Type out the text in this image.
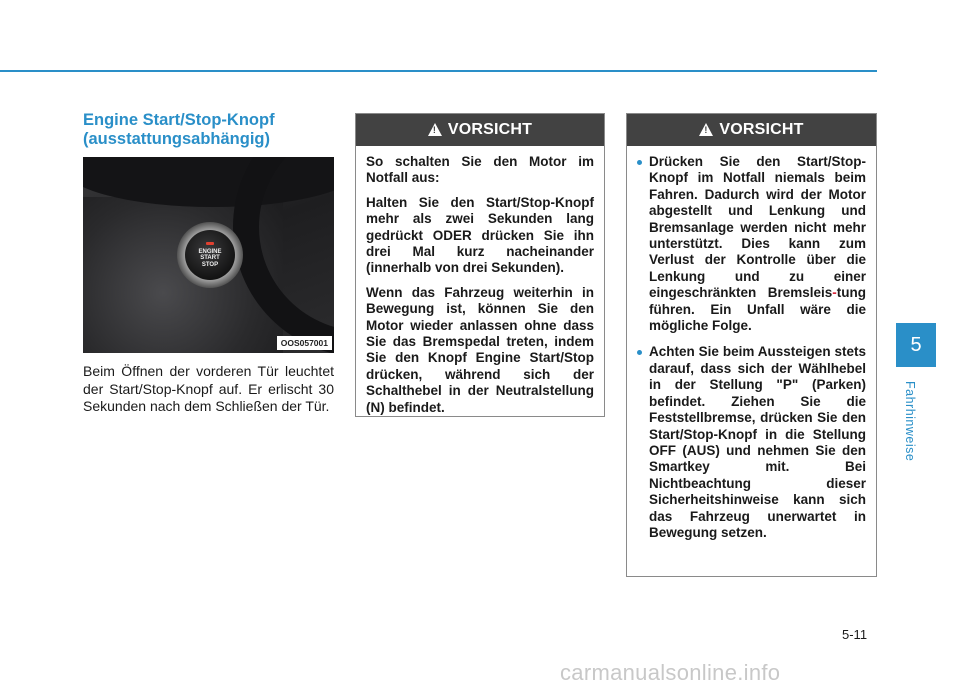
Engine Start/Stop-Knopf
(ausstattungsabhängig)
ENGINE
START
STOP
OOS057001

Beim Öffnen der vorderen Tür leuchtet der Start/Stop-Knopf auf. Er erlischt 30 Sekunden nach dem Schließen der Tür.

!
VORSICHT

So schalten Sie den Motor im Notfall aus:

Halten Sie den Start/Stop-Knopf mehr als zwei Sekunden lang gedrückt ODER drücken Sie ihn drei Mal kurz nacheinander (innerhalb von drei Sekunden).

Wenn das Fahrzeug weiterhin in Bewegung ist, können Sie den Motor wieder anlassen ohne dass Sie das Bremspedal treten, indem Sie den Knopf Engine Start/Stop drücken, während sich der Schalthebel in der Neutralstellung (N) befindet.

!
VORSICHT
Drücken Sie den Start/Stop-Knopf im Notfall niemals beim Fahren. Dadurch wird der Motor abgestellt und Lenkung und Bremsanlage werden nicht mehr unterstützt. Dies kann zum Verlust der Kontrolle über die Lenkung und zu einer eingeschränkten Bremsleis-tung führen. Ein Unfall wäre die mögliche Folge.
Achten Sie beim Aussteigen stets darauf, dass sich der Wählhebel in der Stellung "P" (Parken) befindet. Ziehen Sie die Feststellbremse, drücken Sie den Start/Stop-Knopf in die Stellung OFF (AUS) und nehmen Sie den Smartkey mit. Bei Nichtbeachtung dieser Sicherheitshinweise kann sich das Fahrzeug unerwartet in Bewegung setzen.
5
Fahrhinweise
5-11
carmanualsonline.info
